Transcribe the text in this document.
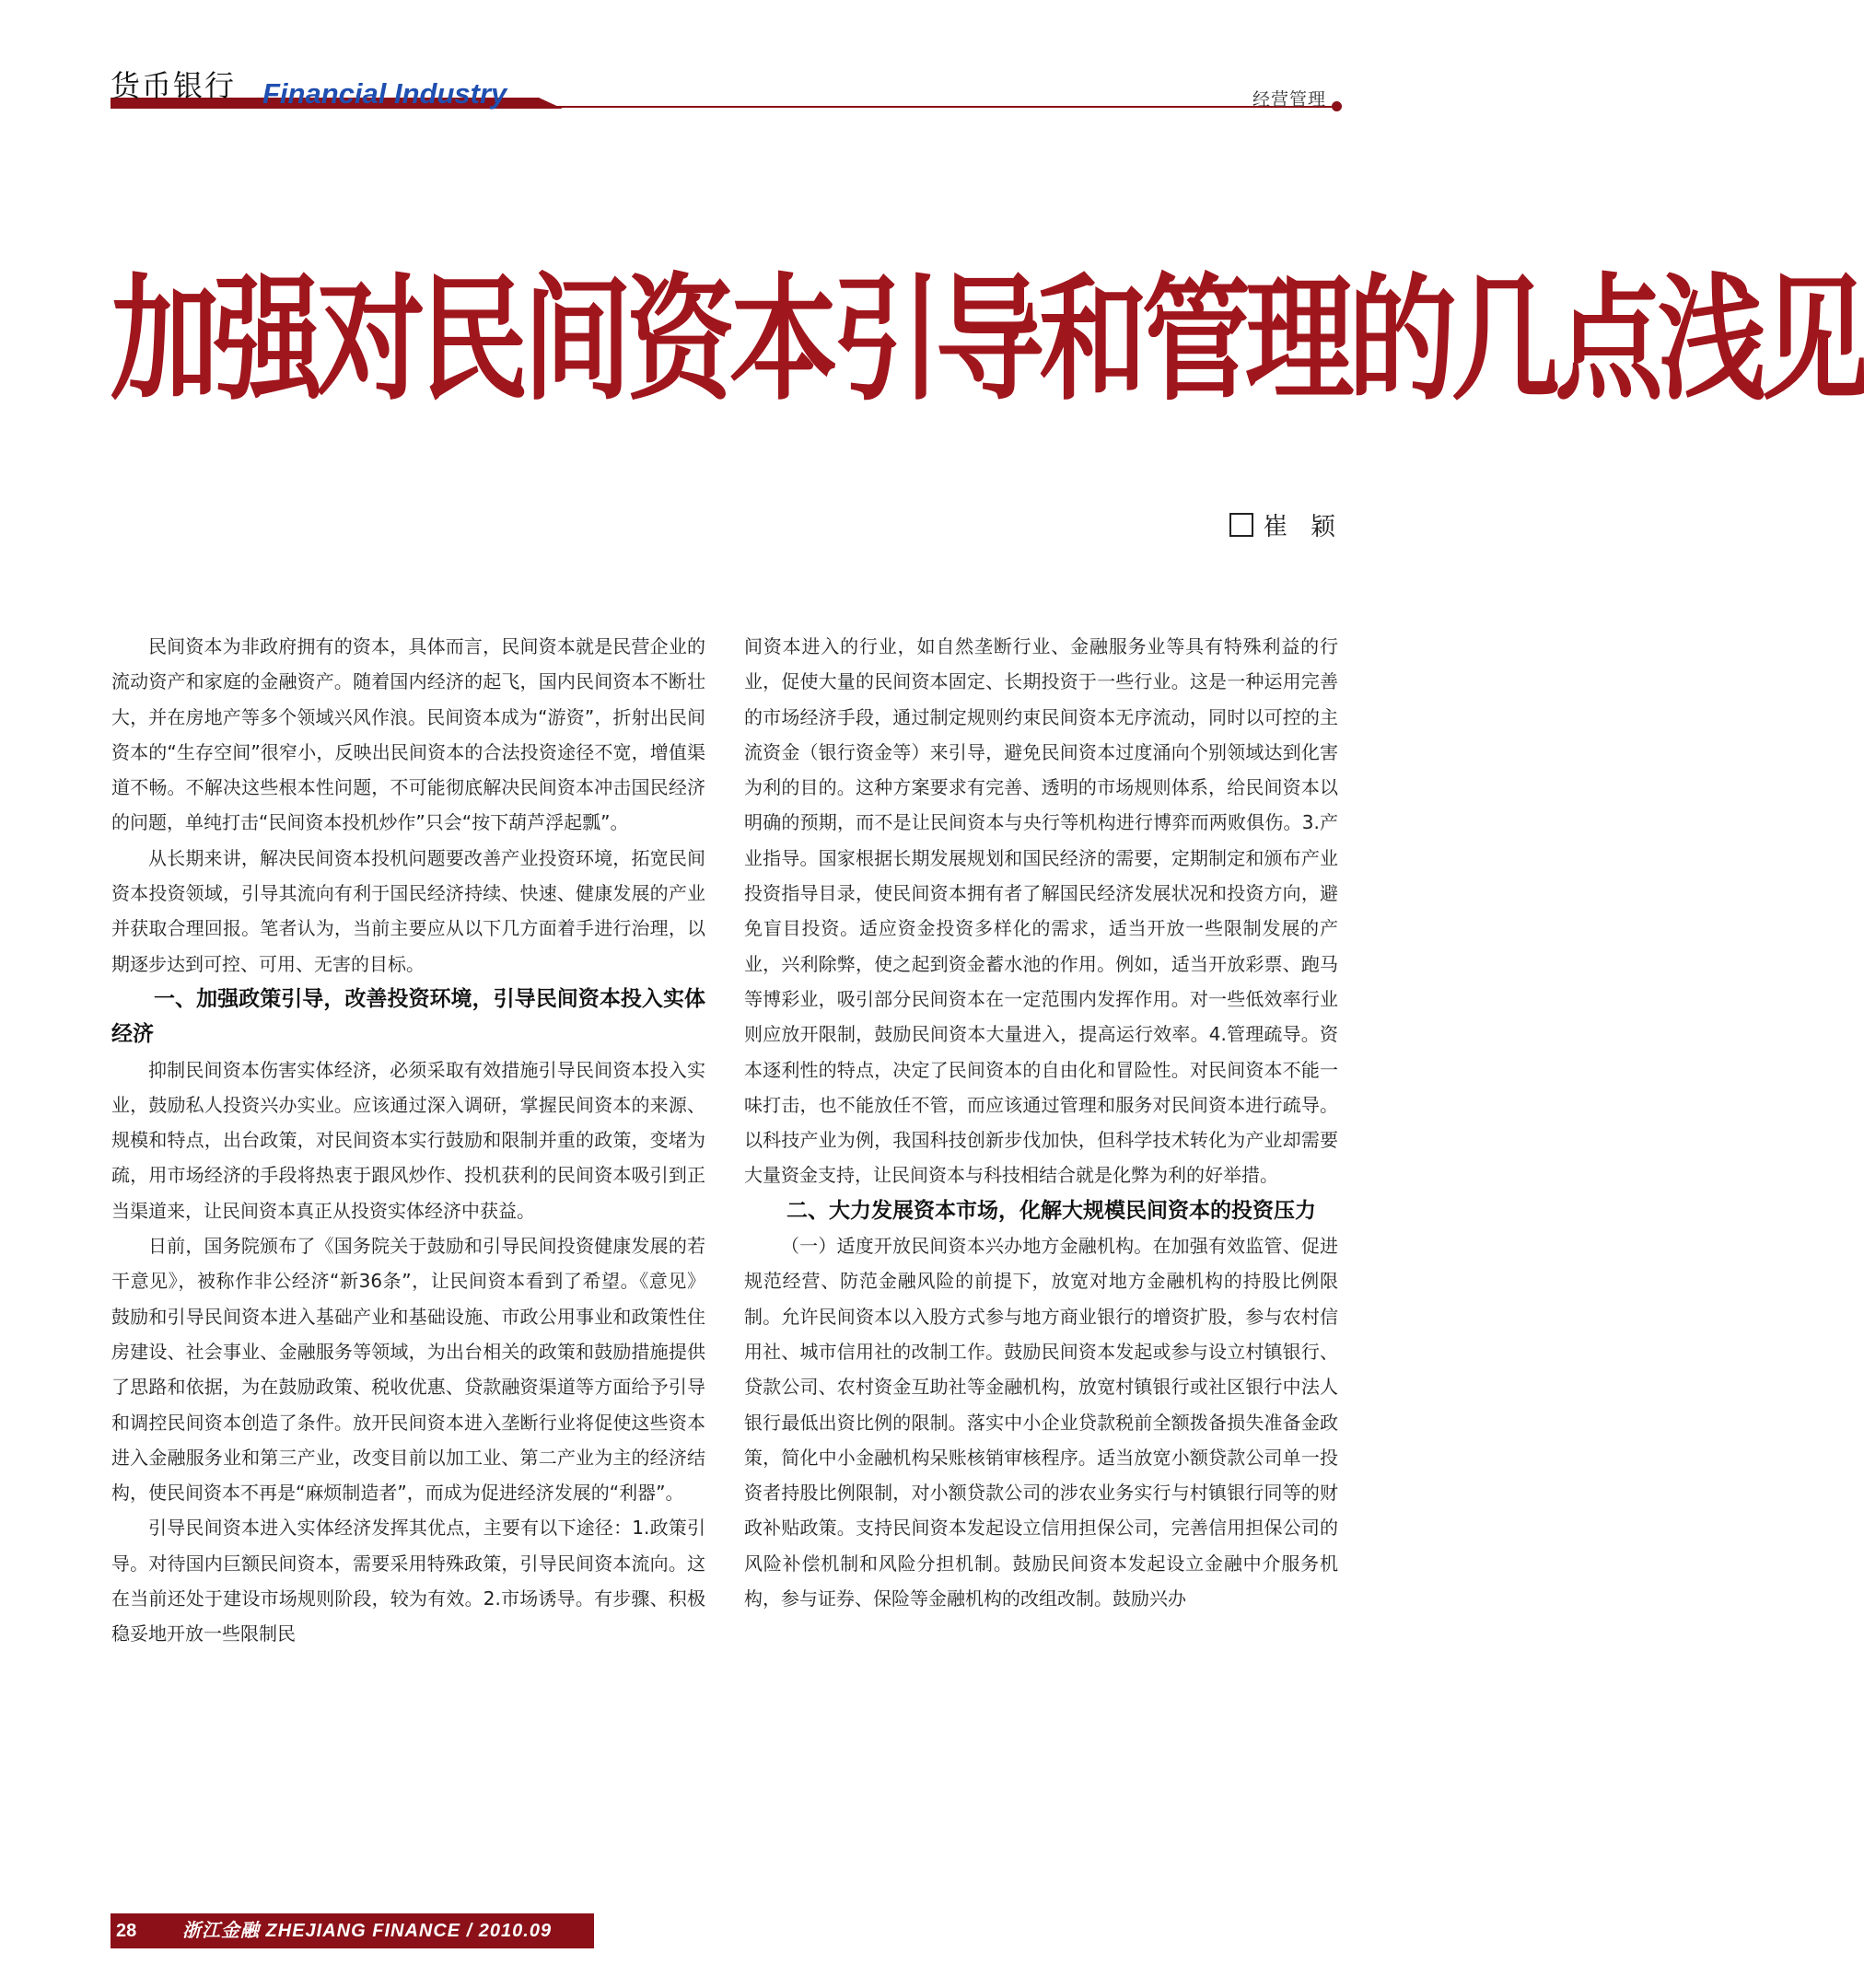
货币银行 Financial Industry	经营管理
加强对民间资本引导和管理的几点浅见
崔 颖

民间资本为非政府拥有的资本，具体而言，民间资本就是民营企业的流动资产和家庭的金融资产。随着国内经济的起飞，国内民间资本不断壮大，并在房地产等多个领域兴风作浪。民间资本成为“游资”，折射出民间资本的“生存空间”很窄小，反映出民间资本的合法投资途径不宽，增值渠道不畅。不解决这些根本性问题，不可能彻底解决民间资本冲击国民经济的问题，单纯打击“民间资本投机炒作”只会“按下葫芦浮起瓢”。

从长期来讲，解决民间资本投机问题要改善产业投资环境，拓宽民间资本投资领域，引导其流向有利于国民经济持续、快速、健康发展的产业并获取合理回报。笔者认为，当前主要应从以下几方面着手进行治理，以期逐步达到可控、可用、无害的目标。

一、加强政策引导，改善投资环境，引导民间资本投入实体经济

抑制民间资本伤害实体经济，必须采取有效措施引导民间资本投入实业，鼓励私人投资兴办实业。应该通过深入调研，掌握民间资本的来源、规模和特点，出台政策，对民间资本实行鼓励和限制并重的政策，变堵为疏，用市场经济的手段将热衷于跟风炒作、投机获利的民间资本吸引到正当渠道来，让民间资本真正从投资实体经济中获益。

日前，国务院颁布了《国务院关于鼓励和引导民间投资健康发展的若干意见》，被称作非公经济“新36条”，让民间资本看到了希望。《意见》鼓励和引导民间资本进入基础产业和基础设施、市政公用事业和政策性住房建设、社会事业、金融服务等领域，为出台相关的政策和鼓励措施提供了思路和依据，为在鼓励政策、税收优惠、贷款融资渠道等方面给予引导和调控民间资本创造了条件。放开民间资本进入垄断行业将促使这些资本进入金融服务业和第三产业，改变目前以加工业、第二产业为主的经济结构，使民间资本不再是“麻烦制造者”，而成为促进经济发展的“利器”。

引导民间资本进入实体经济发挥其优点，主要有以下途径：1.政策引导。对待国内巨额民间资本，需要采用特殊政策，引导民间资本流向。这在当前还处于建设市场规则阶段，较为有效。2.市场诱导。有步骤、积极稳妥地开放一些限制民

间资本进入的行业，如自然垄断行业、金融服务业等具有特殊利益的行业，促使大量的民间资本固定、长期投资于一些行业。这是一种运用完善的市场经济手段，通过制定规则约束民间资本无序流动，同时以可控的主流资金（银行资金等）来引导，避免民间资本过度涌向个别领域达到化害为利的目的。这种方案要求有完善、透明的市场规则体系，给民间资本以明确的预期，而不是让民间资本与央行等机构进行博弈而两败俱伤。3.产业指导。国家根据长期发展规划和国民经济的需要，定期制定和颁布产业投资指导目录，使民间资本拥有者了解国民经济发展状况和投资方向，避免盲目投资。适应资金投资多样化的需求，适当开放一些限制发展的产业，兴利除弊，使之起到资金蓄水池的作用。例如，适当开放彩票、跑马等博彩业，吸引部分民间资本在一定范围内发挥作用。对一些低效率行业则应放开限制，鼓励民间资本大量进入，提高运行效率。4.管理疏导。资本逐利性的特点，决定了民间资本的自由化和冒险性。对民间资本不能一味打击，也不能放任不管，而应该通过管理和服务对民间资本进行疏导。以科技产业为例，我国科技创新步伐加快，但科学技术转化为产业却需要大量资金支持，让民间资本与科技相结合就是化弊为利的好举措。

二、大力发展资本市场，化解大规模民间资本的投资压力

（一）适度开放民间资本兴办地方金融机构。在加强有效监管、促进规范经营、防范金融风险的前提下，放宽对地方金融机构的持股比例限制。允许民间资本以入股方式参与地方商业银行的增资扩股，参与农村信用社、城市信用社的改制工作。鼓励民间资本发起或参与设立村镇银行、贷款公司、农村资金互助社等金融机构，放宽村镇银行或社区银行中法人银行最低出资比例的限制。落实中小企业贷款税前全额拨备损失准备金政策，简化中小金融机构呆账核销审核程序。适当放宽小额贷款公司单一投资者持股比例限制，对小额贷款公司的涉农业务实行与村镇银行同等的财政补贴政策。支持民间资本发起设立信用担保公司，完善信用担保公司的风险补偿机制和风险分担机制。鼓励民间资本发起设立金融中介服务机构，参与证券、保险等金融机构的改组改制。鼓励兴办

28 浙江金融 ZHEJIANG FINANCE / 2010.09
